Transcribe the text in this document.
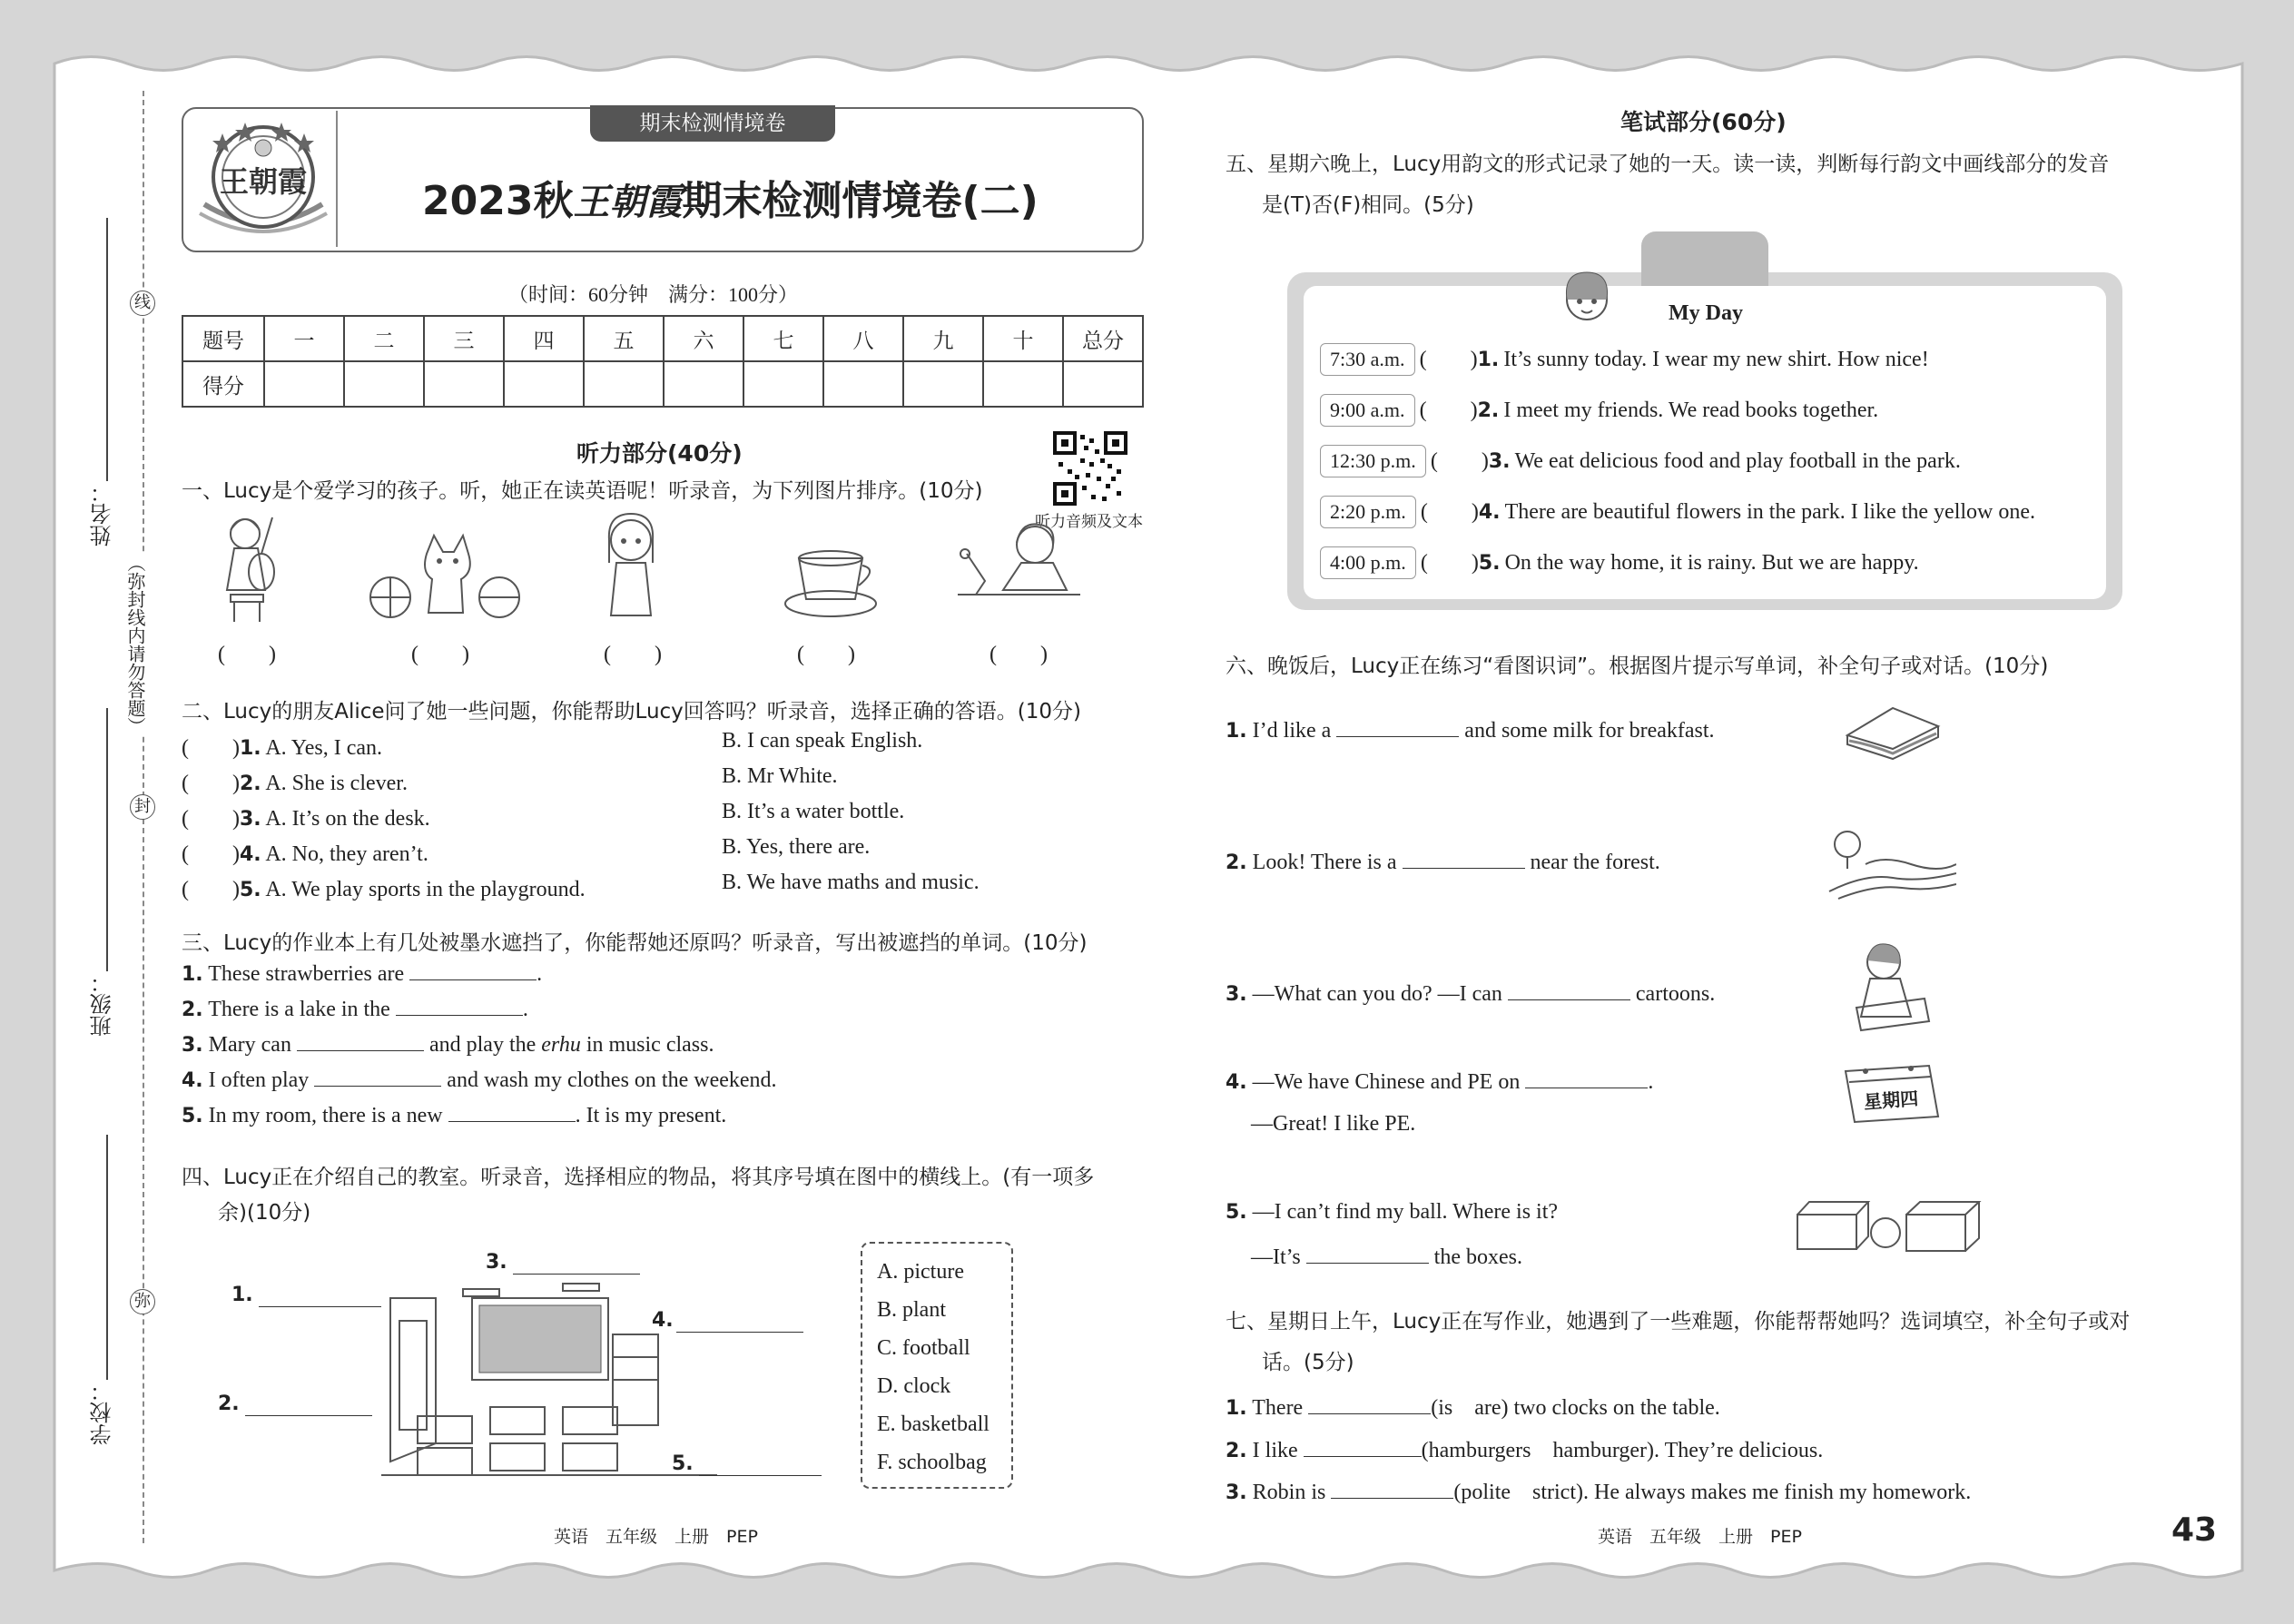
姓名：
班级：
学校：
（弥封线内请勿答题）
线
封
弥
期末检测情境卷
王朝霞	2023秋王朝霞期末检测情境卷(二)
（时间：60分钟　满分：100分）
题号	一	二	三	四	五	六	七	八	九	十	总分
得分											
听力部分(40分)
听力音频及文本
一、Lucy是个爱学习的孩子。听，她正在读英语呢！听录音，为下列图片排序。(10分)
(　　)	(　　)	(　　)	(　　)	(　　)
二、Lucy的朋友Alice问了她一些问题，你能帮助Lucy回答吗？听录音，选择正确的答语。(10分)
(　　)1. A. Yes, I can.	B. I can speak English.
(　　)2. A. She is clever.	B. Mr White.
(　　)3. A. It’s on the desk.	B. It’s a water bottle.
(　　)4. A. No, they aren’t.	B. Yes, there are.
(　　)5. A. We play sports in the playground.	B. We have maths and music.
三、Lucy的作业本上有几处被墨水遮挡了，你能帮她还原吗？听录音，写出被遮挡的单词。(10分)
1. These strawberries are	.
2. There is a lake in the	.
3. Mary can	and play the erhu in music class.
4. I often play	and wash my clothes on the weekend.
5. In my room, there is a new	. It is my present.
四、Lucy正在介绍自己的教室。听录音，选择相应的物品，将其序号填在图中的横线上。(有一项多
余)(10分)
1.
2.
3.
4.
5.
A. picture
B. plant
C. football
D. clock
E. basketball
F. schoolbag
英语　五年级　上册　PEP
笔试部分(60分)
五、星期六晚上，Lucy用韵文的形式记录了她的一天。读一读，判断每行韵文中画线部分的发音
是(T)否(F)相同。(5分)
My Day
7:30 a.m. (　　)1. It’s sunny today. I wear my new shirt. How nice!
9:00 a.m. (　　)2. I meet my friends. We read books together.
12:30 p.m. (　　)3. We eat delicious food and play football in the park.
2:20 p.m. (　　)4. There are beautiful flowers in the park. I like the yellow one.
4:00 p.m. (　　)5. On the way home, it is rainy. But we are happy.
六、晚饭后，Lucy正在练习“看图识词”。根据图片提示写单词，补全句子或对话。(10分)
1. I’d like a	and some milk for breakfast.
2. Look! There is a	near the forest.
3. —What can you do? —I can	cartoons.
4. —We have Chinese and PE on	.
—Great! I like PE.
星期四
5. —I can’t find my ball. Where is it?
—It’s	the boxes.
七、星期日上午，Lucy正在写作业，她遇到了一些难题，你能帮帮她吗？选词填空，补全句子或对
话。(5分)
1. There	(is　are) two clocks on the table.
2. I like	(hamburgers　hamburger). They’re delicious.
3. Robin is	(polite　strict). He always makes me finish my homework.
英语　五年级　上册　PEP	43
